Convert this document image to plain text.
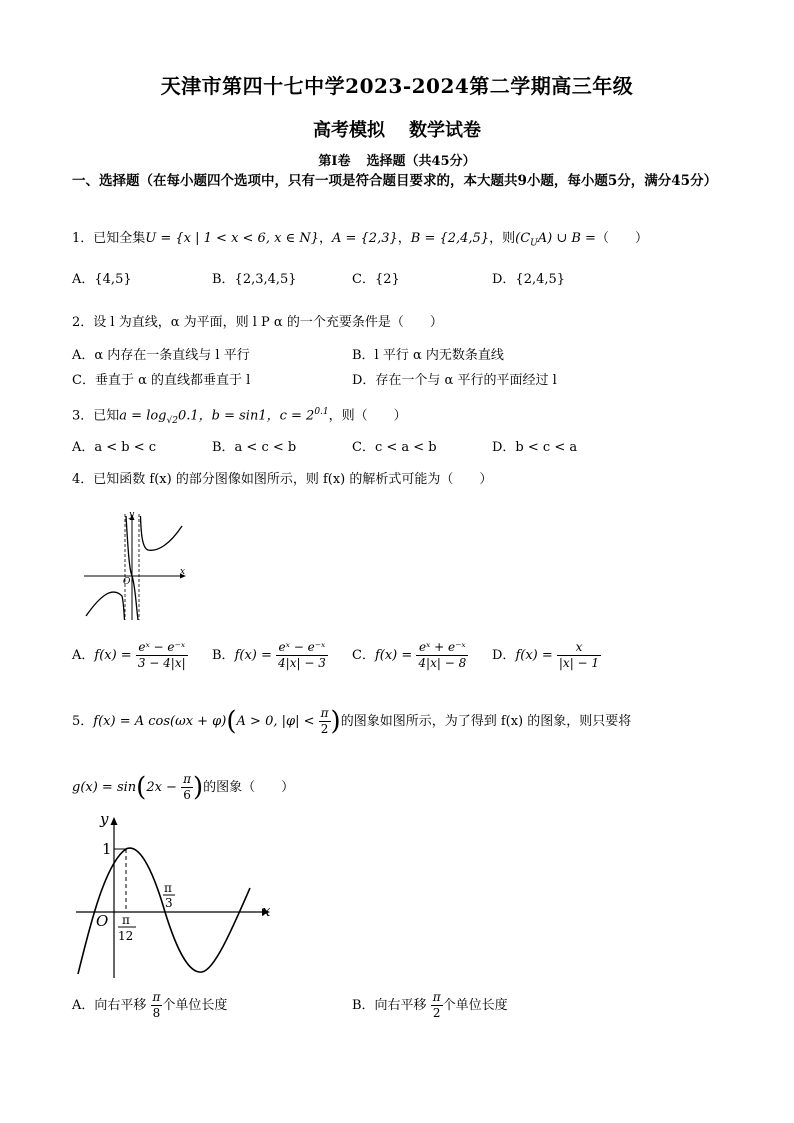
天津市第四十七中学2023-2024第二学期高三年级
高考模拟 数学试卷
第Ⅰ卷 选择题（共45分）
一、选择题（在每小题四个选项中，只有一项是符合题目要求的，本大题共9小题，每小题5分，满分45分）
1．已知全集U = {x | 1 < x < 6, x ∈ N}，A = {2,3}，B = {2,4,5}，则$(C_UA)$ ∪ B =（　　）
A．{4,5}	B．{2,3,4,5}	C．{2}	D．{2,4,5}
2．设 l 为直线，α 为平面，则 l P α 的一个充要条件是（　　）
A．α 内存在一条直线与 l 平行	B．l 平行 α 内无数条直线
C．垂直于 α 的直线都垂直于 l	D．存在一个与 α 平行的平面经过 l
3．已知$a = \log_{√2}0.1$，b = sin1，$c = 2^{0.1}$，则（　　）
A．a < b < c	B．a < c < b	C．c < a < b	D．b < c < a
4．已知函数 f(x) 的部分图像如图所示，则 f(x) 的解析式可能为（　　）
y
x
O
A．$f(x) = \frac{\text{eˣ − e⁻ˣ}}{3 - 4|x|}$ B．$f(x) = \frac{\text{eˣ − e⁻ˣ}}{4|x| - 3}$ C．$f(x) = \frac{\text{eˣ + e⁻ˣ}}{4|x| - 8}$ D．$f(x) = \frac{x}{|x| - 1}$
5．f(x) = A cos(ωx + φ)(A > 0, $|\varphi| < \frac{\pi}{2}$ )的图象如图所示，为了得到 f(x) 的图象，则只要将
$g(x) = \sin(2x - \frac{\pi}{6}$ )的图象（　　）
y
x
O
1
π
3
π
12
A．向右平移 $\frac{\pi}{8}$ 个单位长度	B．向右平移 $\frac{\pi}{2}$ 个单位长度
